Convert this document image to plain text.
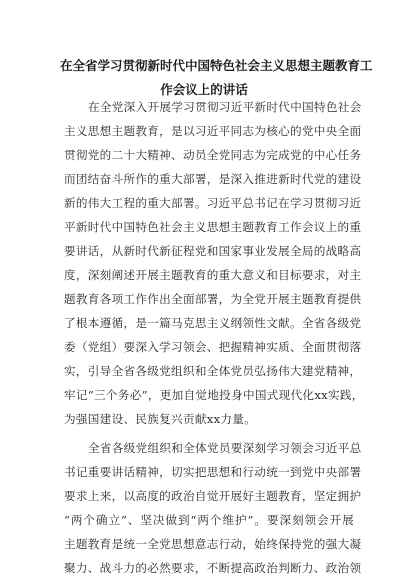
在全省学习贯彻新时代中国特色社会主义思想主题教育工
作会议上的讲话
在全党深入开展学习贯彻习近平新时代中国特色社会
主义思想主题教育，是以习近平同志为核心的党中央全面
贯彻党的二十大精神、动员全党同志为完成党的中心任务
而团结奋斗所作的重大部署，是深入推进新时代党的建设
新的伟大工程的重大部署。习近平总书记在学习贯彻习近
平新时代中国特色社会主义思想主题教育工作会议上的重
要讲话，从新时代新征程党和国家事业发展全局的战略高
度，深刻阐述开展主题教育的重大意义和目标要求，对主
题教育各项工作作出全面部署，为全党开展主题教育提供
了根本遵循，是一篇马克思主义纲领性文献。全省各级党
委（党组）要深入学习领会、把握精神实质、全面贯彻落
实，引导全省各级党组织和全体党员弘扬伟大建党精神，
牢记“三个务必”，更加自觉地投身中国式现代化xx实践，
为强国建设、民族复兴贡献xx力量。
全省各级党组织和全体党员要深刻学习领会习近平总
书记重要讲话精神，切实把思想和行动统一到党中央部署
要求上来，以高度的政治自觉开展好主题教育，坚定拥护
“两个确立”、坚决做到“两个维护”。要深刻领会开展
主题教育是统一全党思想意志行动，始终保持党的强大凝
聚力、战斗力的必然要求，不断提高政治判断力、政治领
